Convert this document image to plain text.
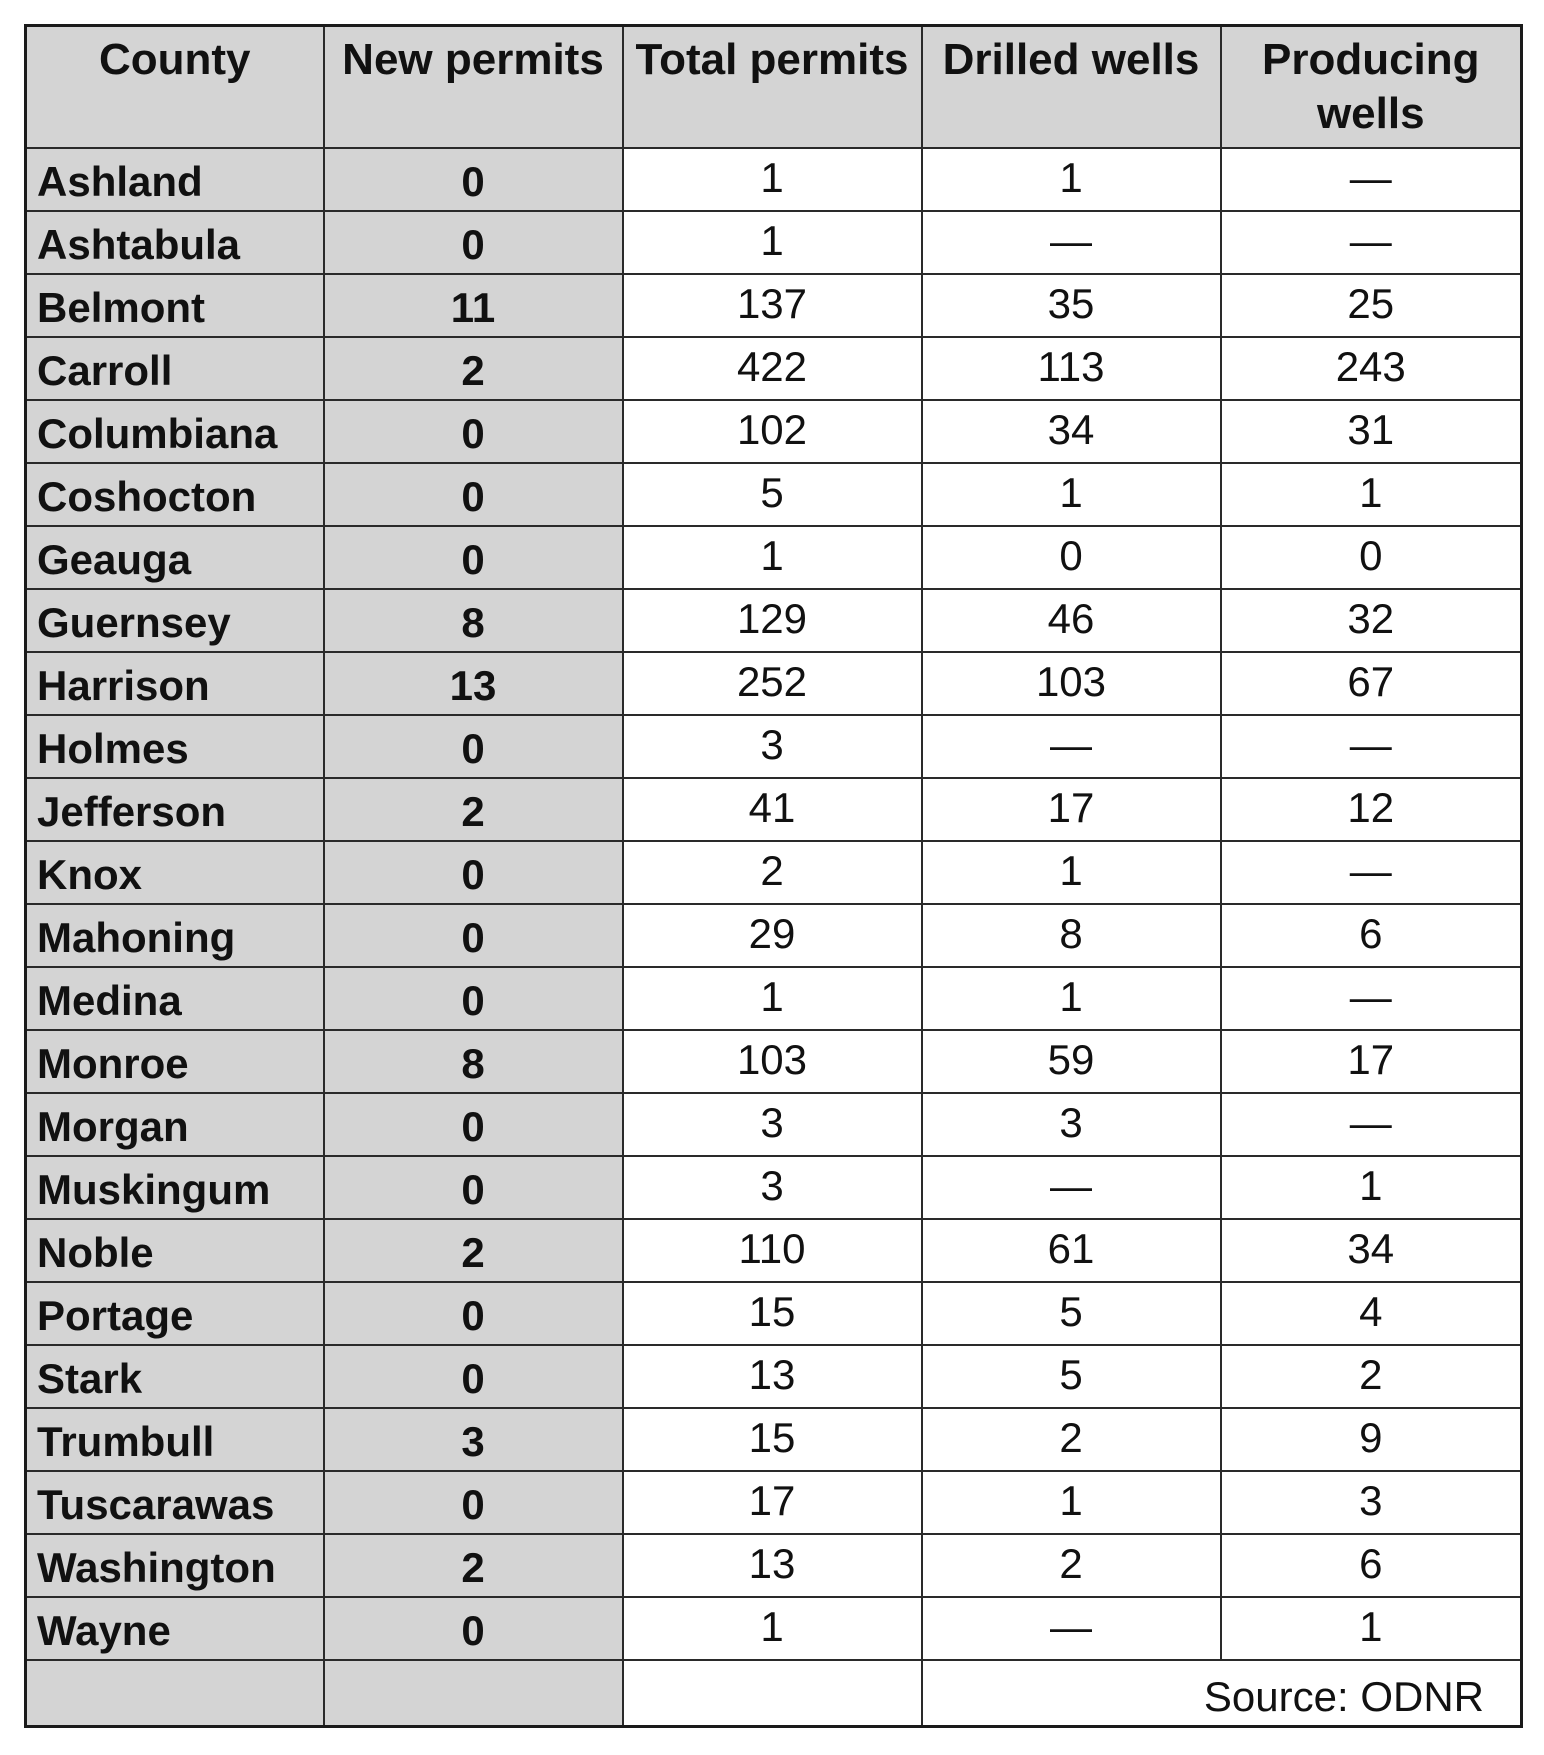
County	New permits	Total permits	Drilled wells	Producing wells
Ashland	0	1	1	—
Ashtabula	0	1	—	—
Belmont	11	137	35	25
Carroll	2	422	113	243
Columbiana	0	102	34	31
Coshocton	0	5	1	1
Geauga	0	1	0	0
Guernsey	8	129	46	32
Harrison	13	252	103	67
Holmes	0	3	—	—
Jefferson	2	41	17	12
Knox	0	2	1	—
Mahoning	0	29	8	6
Medina	0	1	1	—
Monroe	8	103	59	17
Morgan	0	3	3	—
Muskingum	0	3	—	1
Noble	2	110	61	34
Portage	0	15	5	4
Stark	0	13	5	2
Trumbull	3	15	2	9
Tuscarawas	0	17	1	3
Washington	2	13	2	6
Wayne	0	1	—	1
			Source: ODNR	
